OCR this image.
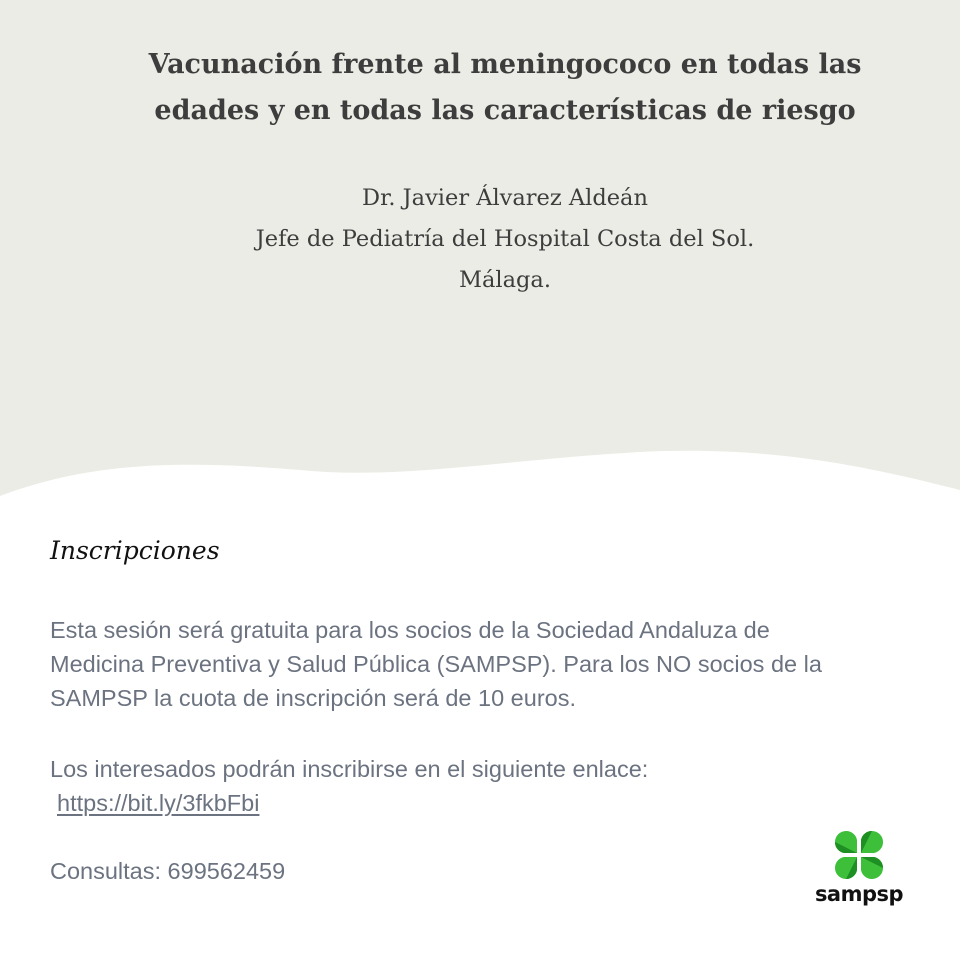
Vacunación frente al meningococo en todas las
edades y en todas las características de riesgo
Dr. Javier Álvarez Aldeán
Jefe de Pediatría del Hospital Costa del Sol.
Málaga.
Inscripciones

Esta sesión será gratuita para los socios de la Sociedad Andaluza de
Medicina Preventiva y Salud Pública (SAMPSP). Para los NO socios de la
SAMPSP la cuota de inscripción será de 10 euros.

Los interesados podrán inscribirse en el siguiente enlace:

https://bit.ly/3fkbFbi

Consultas: 699562459

sampsp
